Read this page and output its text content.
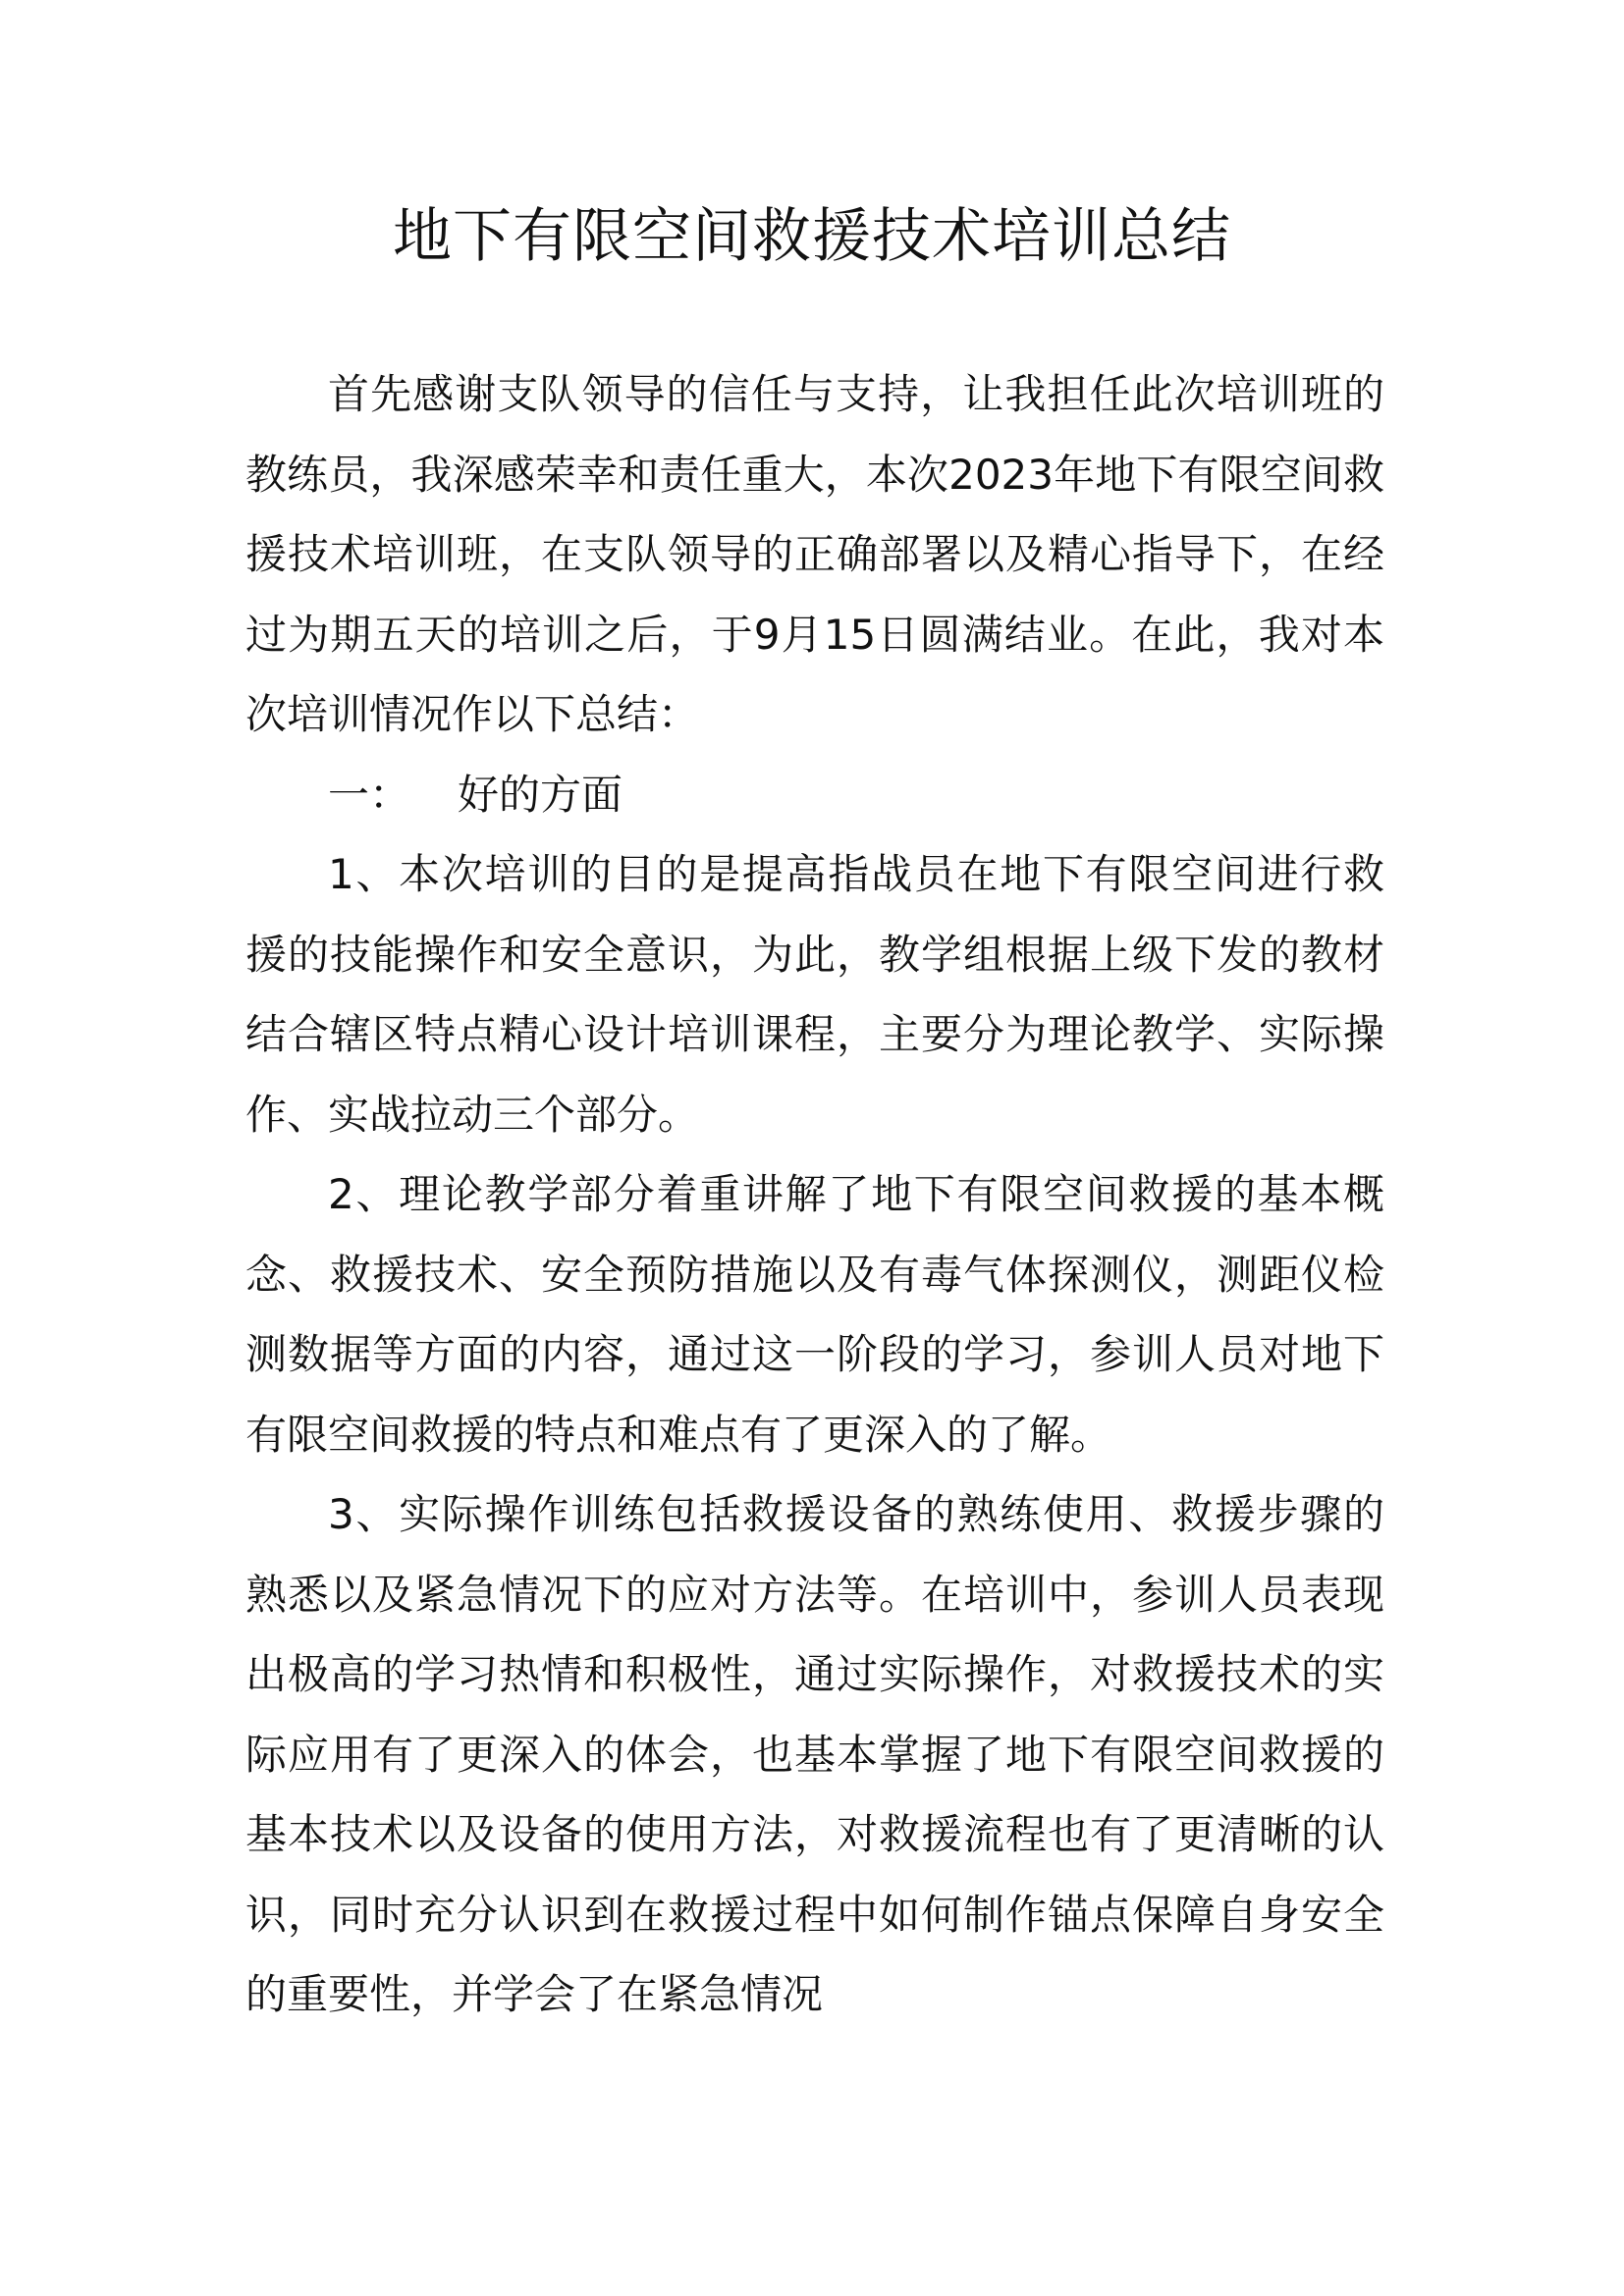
地下有限空间救援技术培训总结

首先感谢支队领导的信任与支持，让我担任此次培训班的教练员，我深感荣幸和责任重大，本次2023年地下有限空间救援技术培训班，在支队领导的正确部署以及精心指导下，在经过为期五天的培训之后，于9月15日圆满结业。在此，我对本次培训情况作以下总结：

一： 好的方面

1、本次培训的目的是提高指战员在地下有限空间进行救援的技能操作和安全意识，为此，教学组根据上级下发的教材结合辖区特点精心设计培训课程，主要分为理论教学、实际操作、实战拉动三个部分。

2、理论教学部分着重讲解了地下有限空间救援的基本概念、救援技术、安全预防措施以及有毒气体探测仪，测距仪检测数据等方面的内容，通过这一阶段的学习，参训人员对地下有限空间救援的特点和难点有了更深入的了解。

3、实际操作训练包括救援设备的熟练使用、救援步骤的熟悉以及紧急情况下的应对方法等。在培训中，参训人员表现出极高的学习热情和积极性，通过实际操作，对救援技术的实际应用有了更深入的体会，也基本掌握了地下有限空间救援的基本技术以及设备的使用方法，对救援流程也有了更清晰的认识，同时充分认识到在救援过程中如何制作锚点保障自身安全的重要性，并学会了在紧急情况
